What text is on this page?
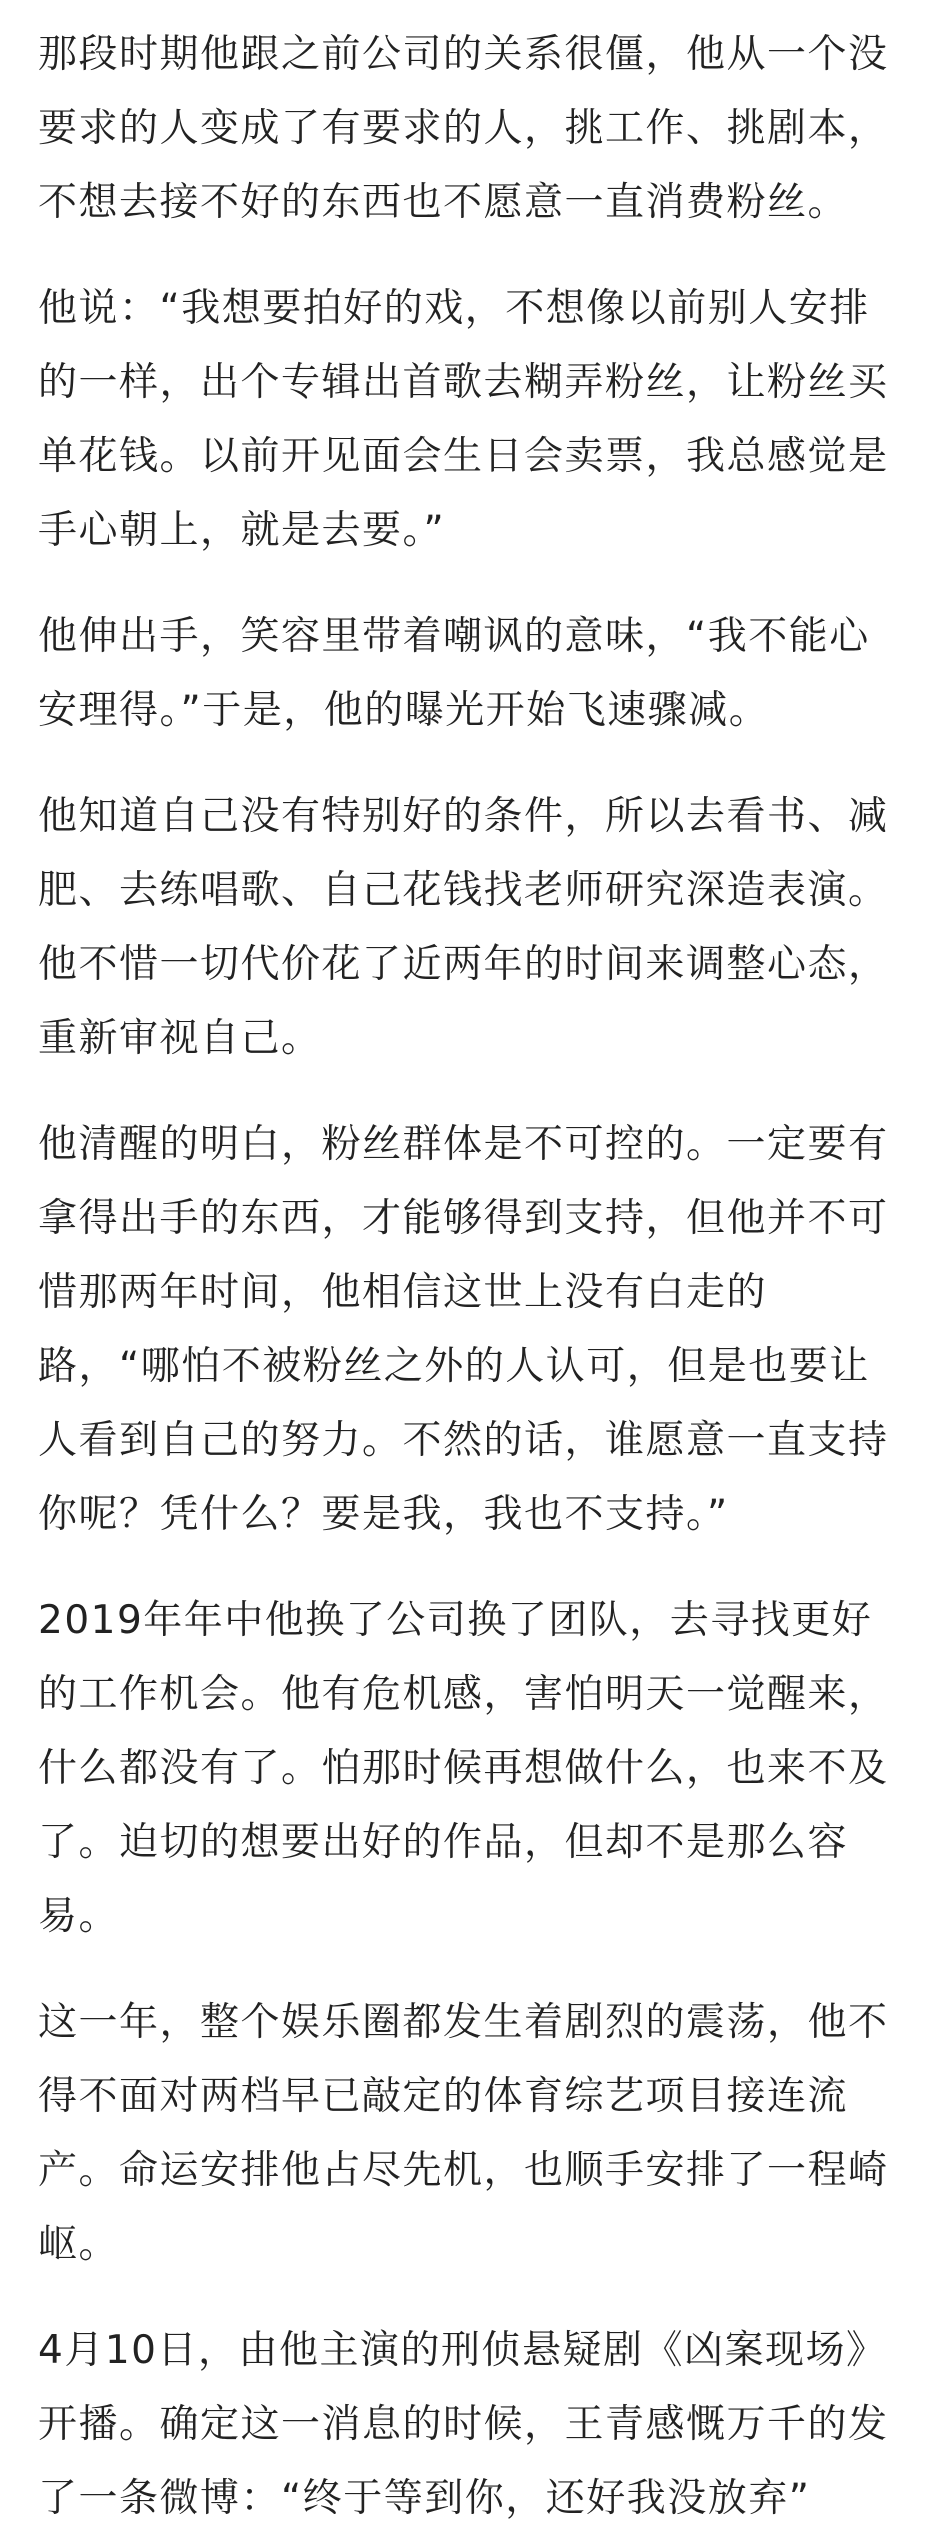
那段时期他跟之前公司的关系很僵，他从一个没要求的人变成了有要求的人，挑工作、挑剧本，不想去接不好的东西也不愿意一直消费粉丝。

他说：“我想要拍好的戏，不想像以前别人安排的一样，出个专辑出首歌去糊弄粉丝，让粉丝买单花钱。以前开见面会生日会卖票，我总感觉是手心朝上，就是去要。”

他伸出手，笑容里带着嘲讽的意味，“我不能心安理得。”于是，他的曝光开始飞速骤减。

他知道自己没有特别好的条件，所以去看书、减肥、去练唱歌、自己花钱找老师研究深造表演。他不惜一切代价花了近两年的时间来调整心态，重新审视自己。

他清醒的明白，粉丝群体是不可控的。一定要有拿得出手的东西，才能够得到支持，但他并不可惜那两年时间，他相信这世上没有白走的路，“哪怕不被粉丝之外的人认可，但是也要让人看到自己的努力。不然的话，谁愿意一直支持你呢？凭什么？要是我，我也不支持。”

2019年年中他换了公司换了团队，去寻找更好的工作机会。他有危机感，害怕明天一觉醒来，什么都没有了。怕那时候再想做什么，也来不及了。迫切的想要出好的作品，但却不是那么容易。

这一年，整个娱乐圈都发生着剧烈的震荡，他不得不面对两档早已敲定的体育综艺项目接连流产。命运安排他占尽先机，也顺手安排了一程崎岖。

4月10日，由他主演的刑侦悬疑剧《凶案现场》开播。确定这一消息的时候，王青感慨万千的发了一条微博：“终于等到你，还好我没放弃”
